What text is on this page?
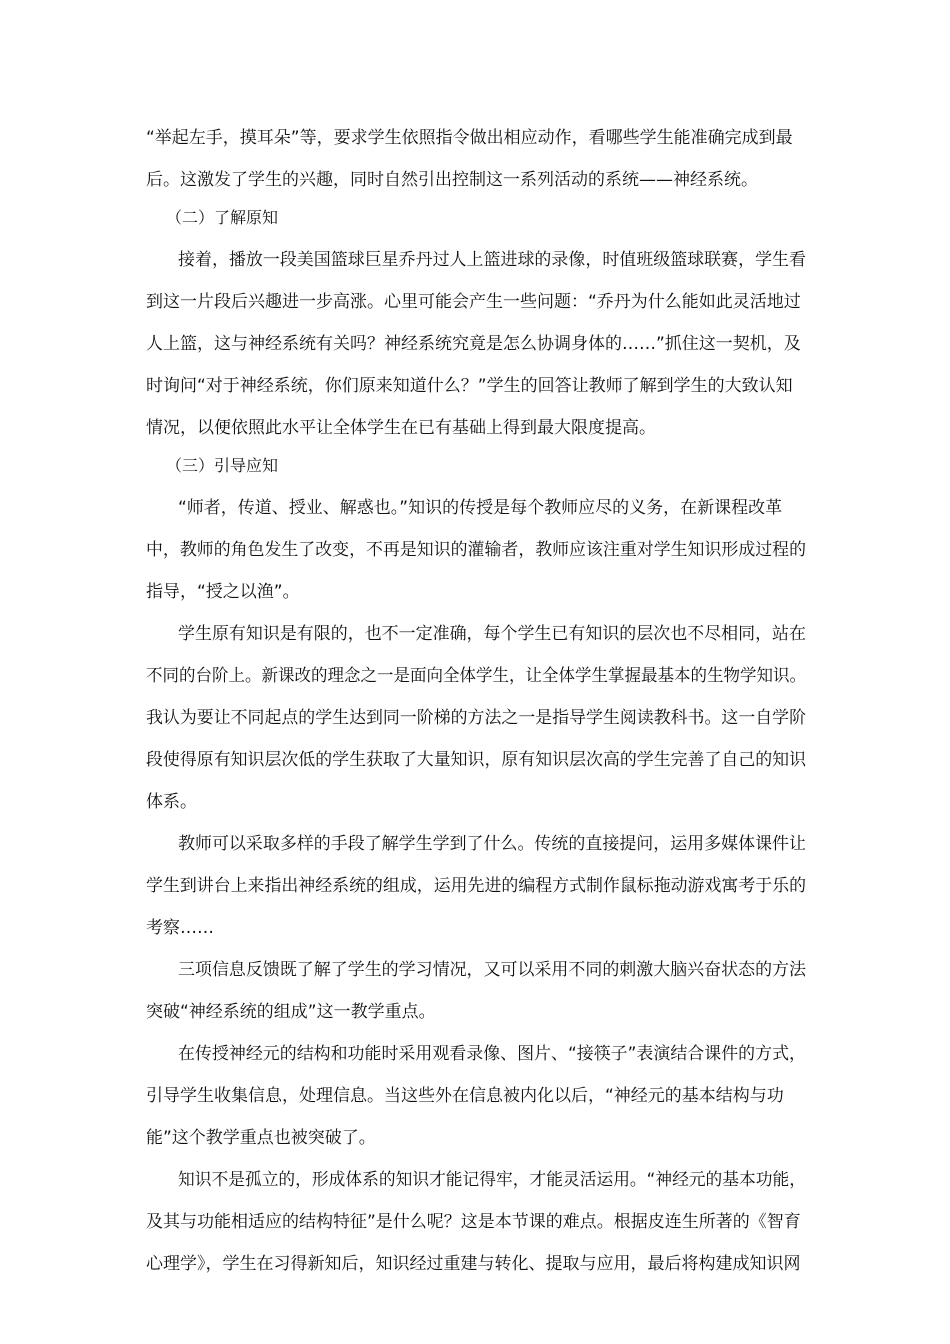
“举起左手，摸耳朵”等，要求学生依照指令做出相应动作，看哪些学生能准确完成到最
后。这激发了学生的兴趣，同时自然引出控制这一系列活动的系统——神经系统。
（二）了解原知
接着，播放一段美国篮球巨星乔丹过人上篮进球的录像，时值班级篮球联赛，学生看
到这一片段后兴趣进一步高涨。心里可能会产生一些问题：“乔丹为什么能如此灵活地过
人上篮，这与神经系统有关吗？神经系统究竟是怎么协调身体的……”抓住这一契机，及
时询问“对于神经系统，你们原来知道什么？”学生的回答让教师了解到学生的大致认知
情况，以便依照此水平让全体学生在已有基础上得到最大限度提高。
（三）引导应知
“师者，传道、授业、解惑也。”知识的传授是每个教师应尽的义务，在新课程改革
中，教师的角色发生了改变，不再是知识的灌输者，教师应该注重对学生知识形成过程的
指导，“授之以渔”。
学生原有知识是有限的，也不一定准确，每个学生已有知识的层次也不尽相同，站在
不同的台阶上。新课改的理念之一是面向全体学生，让全体学生掌握最基本的生物学知识。
我认为要让不同起点的学生达到同一阶梯的方法之一是指导学生阅读教科书。这一自学阶
段使得原有知识层次低的学生获取了大量知识，原有知识层次高的学生完善了自己的知识
体系。
教师可以采取多样的手段了解学生学到了什么。传统的直接提问，运用多媒体课件让
学生到讲台上来指出神经系统的组成，运用先进的编程方式制作鼠标拖动游戏寓考于乐的
考察……
三项信息反馈既了解了学生的学习情况，又可以采用不同的刺激大脑兴奋状态的方法
突破“神经系统的组成”这一教学重点。
在传授神经元的结构和功能时采用观看录像、图片、“接筷子”表演结合课件的方式，
引导学生收集信息，处理信息。当这些外在信息被内化以后，“神经元的基本结构与功
能”这个教学重点也被突破了。
知识不是孤立的，形成体系的知识才能记得牢，才能灵活运用。“神经元的基本功能，
及其与功能相适应的结构特征”是什么呢？这是本节课的难点。根据皮连生所著的《智育
心理学》，学生在习得新知后，知识经过重建与转化、提取与应用，最后将构建成知识网
